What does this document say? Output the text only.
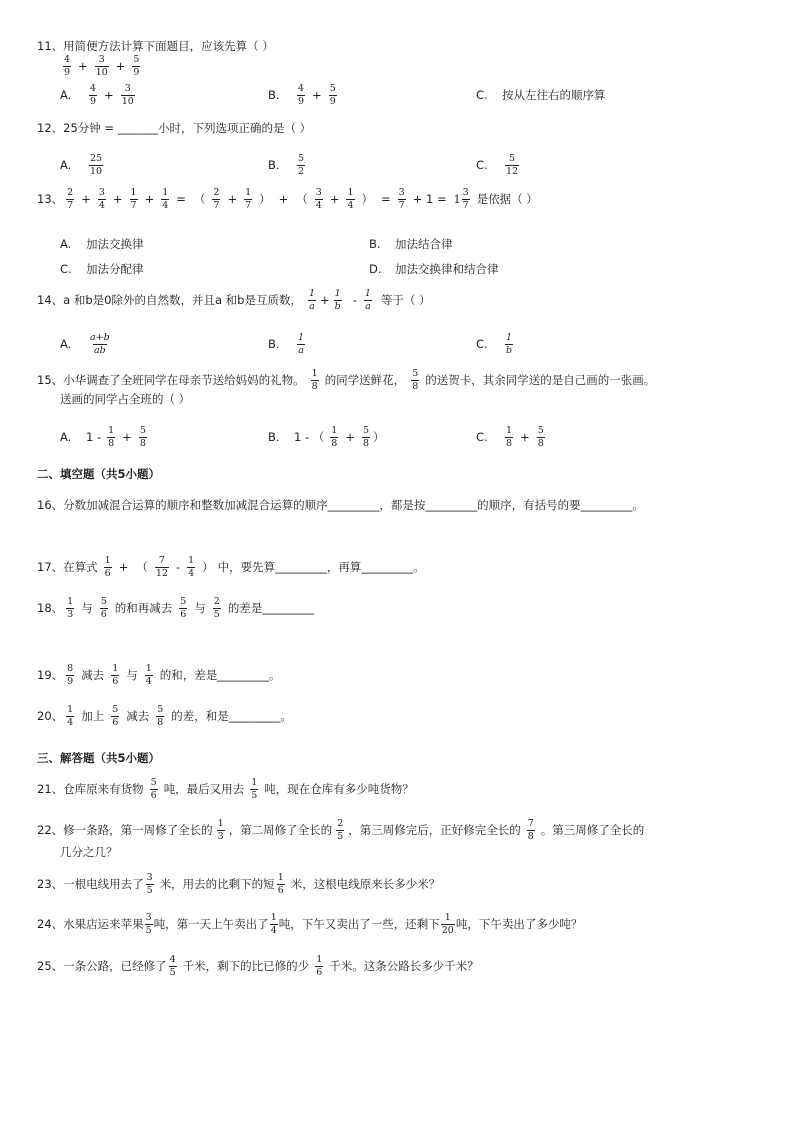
11、用简便方法计算下面题目，应该先算（ ）
$\frac{4}{9} + \frac{3}{10} + \frac{5}{9}$
A.	$\frac{4}{9} + \frac{3}{10}$	B.	$\frac{4}{9} + \frac{5}{9}$	C.	按从左往右的顺序算
12、25分钟 = _______小时，下列选项正确的是（ ）
A.	$\frac{25}{10}$	B.	$\frac{5}{2}$	C.	$\frac{5}{12}$
13、 $\frac{2}{7} + \frac{3}{4} + \frac{1}{7} + \frac{1}{4}$ = （ $\frac{2}{7} + \frac{1}{7}$ ） + （ $\frac{3}{4} + \frac{1}{4}$ ） = $\frac{3}{7} + 1 = 1 \frac{3}{7}$ 是依据（ ）
A.	加法交换律	B.	加法结合律
C.	加法分配律	D.	加法交换律和结合律
14、a 和b是0除外的自然数，并且a 和b是互质数， $\frac{1}{a} + \frac{1}{b} - \frac{1}{a}$ 等于（ ）
A.	$\frac{a+b}{ab}$	B.	$\frac{1}{a}$	C.	$\frac{1}{b}$
15、小华调查了全班同学在母亲节送给妈妈的礼物。 $\frac{1}{8}$ 的同学送鲜花， $\frac{5}{8}$ 的送贺卡，其余同学送的是自己画的一张画。
送画的同学占全班的（ ）
A.	$1 - \frac{1}{8} + \frac{5}{8}$	B.	1 - （ $\frac{1}{8} + \frac{5}{8}$ ）	C.	$\frac{1}{8} + \frac{5}{8}$
二、填空题（共5小题）
16、分数加减混合运算的顺序和整数加减混合运算的顺序_________，都是按_________的顺序，有括号的要_________。
17、在算式 $\frac{1}{6}$ + （ $\frac{7}{12} - \frac{1}{4}$ ） 中，要先算_________，再算_________。
18、 $\frac{1}{3}$ 与 $\frac{5}{6}$ 的和再减去 $\frac{5}{6}$ 与 $\frac{2}{5}$ 的差是_________
19、 $\frac{8}{9}$ 减去 $\frac{1}{6}$ 与 $\frac{1}{4}$ 的和，差是_________。
20、 $\frac{1}{4}$ 加上 $\frac{5}{6}$ 减去 $\frac{5}{8}$ 的差，和是_________。
三、解答题（共5小题）
21、仓库原来有货物 $\frac{5}{6}$ 吨，最后又用去 $\frac{1}{5}$ 吨，现在仓库有多少吨货物？
22、修一条路，第一周修了全长的 $\frac{1}{3}$ ，第二周修了全长的 $\frac{2}{5}$ ，第三周修完后，正好修完全长的 $\frac{7}{8}$ 。第三周修了全长的
几分之几？
23、一根电线用去了 $\frac{3}{5}$ 米，用去的比剩下的短 $\frac{1}{6}$ 米，这根电线原来长多少米？
24、水果店运来苹果 $\frac{3}{5}$ 吨，第一天上午卖出了 $\frac{1}{4}$ 吨，下午又卖出了一些，还剩下 $\frac{1}{20}$ 吨，下午卖出了多少吨？
25、一条公路，已经修了 $\frac{4}{5}$ 千米，剩下的比已修的少 $\frac{1}{6}$ 千米。这条公路长多少千米？
